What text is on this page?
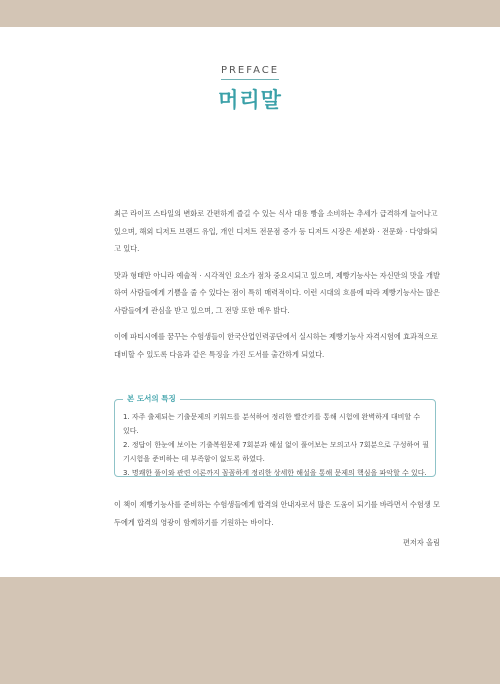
PREFACE
머리말

최근 라이프 스타일의 변화로 간편하게 즐길 수 있는 식사 대용 빵을 소비하는 추세가 급격하게 늘어나고 있으며, 해외 디저트 브랜드 유입, 개인 디저트 전문점 증가 등 디저트 시장은 세분화 · 전문화 · 다양화되고 있다.

맛과 형태만 아니라 예술적 · 시각적인 요소가 점차 중요시되고 있으며, 제빵기능사는 자신만의 맛을 개발하여 사람들에게 기쁨을 줄 수 있다는 점이 특히 매력적이다. 이런 시대의 흐름에 따라 제빵기능사는 많은 사람들에게 관심을 받고 있으며, 그 전망 또한 매우 밝다.

이에 파티시에를 꿈꾸는 수험생들이 한국산업인력공단에서 실시하는 제빵기능사 자격시험에 효과적으로 대비할 수 있도록 다음과 같은 특징을 가진 도서를 출간하게 되었다.

본 도서의 특징
1. 자주 출제되는 기출문제의 키워드를 분석하여 정리한 빨간키를 통해 시험에 완벽하게 대비할 수 있다.
2. 정답이 한눈에 보이는 기출복원문제 7회분과 해설 없이 풀어보는 모의고사 7회분으로 구성하여 필기시험을 준비하는 데 부족함이 없도록 하였다.
3. 명쾌한 풀이와 관련 이론까지 꼼꼼하게 정리한 상세한 해설을 통해 문제의 핵심을 파악할 수 있다.

이 책이 제빵기능사를 준비하는 수험생들에게 합격의 안내자로서 많은 도움이 되기를 바라면서 수험생 모두에게 합격의 영광이 함께하기를 기원하는 바이다.

편저자 올림
